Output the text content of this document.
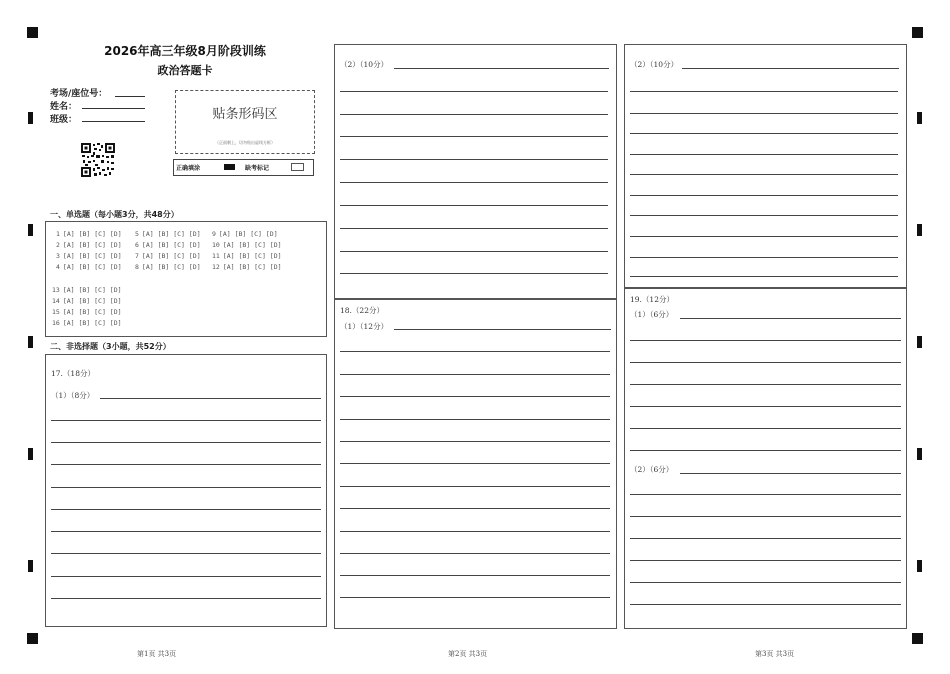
2026年高三年级8月阶段训练
政治答题卡
考场/座位号：
姓名：
班级：	贴条形码区
（正面朝上，切勿贴出虚线方框）
正确填涂	缺考标记
一、单选题（每小题3分，共48分）
1 [A] [B] [C] [D]
2 [A] [B] [C] [D]
3 [A] [B] [C] [D]
4 [A] [B] [C] [D]
5 [A] [B] [C] [D]
6 [A] [B] [C] [D]
7 [A] [B] [C] [D]
8 [A] [B] [C] [D]
9 [A] [B] [C] [D]
10 [A] [B] [C] [D]
11 [A] [B] [C] [D]
12 [A] [B] [C] [D]
13 [A] [B] [C] [D]
14 [A] [B] [C] [D]
15 [A] [B] [C] [D]
16 [A] [B] [C] [D]
二、非选择题（3小题，共52分）
17.（18分）
（1）（8分）
（2）（10分）
18.（22分）
（1）（12分）
（2）（10分）
19.（12分）
（1）（6分）
（2）（6分）
第1页 共3页	第2页 共3页	第3页 共3页
